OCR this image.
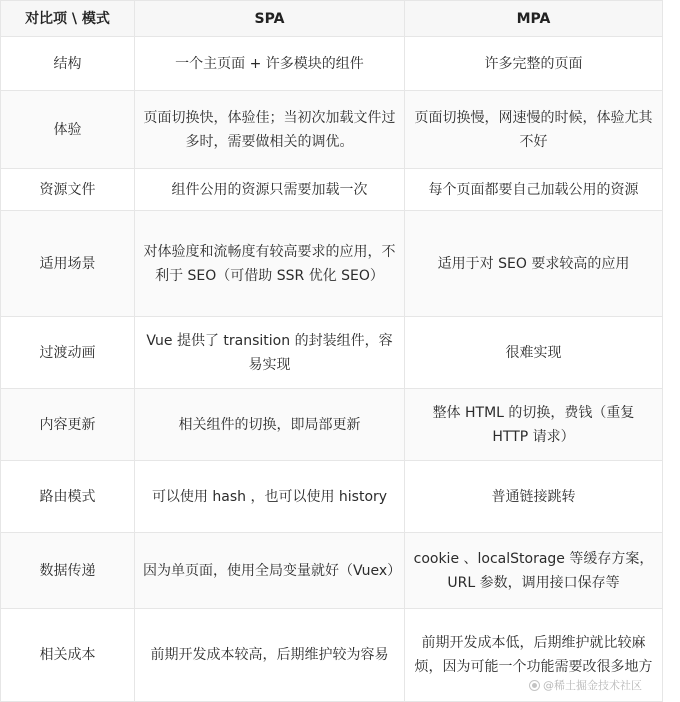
对比项 \ 模式	SPA	MPA
结构	一个主页面 + 许多模块的组件	许多完整的页面
体验	页面切换快，体验佳；当初次加载文件过多时，需要做相关的调优。	页面切换慢，网速慢的时候，体验尤其不好
资源文件	组件公用的资源只需要加载一次	每个页面都要自己加载公用的资源
适用场景	对体验度和流畅度有较高要求的应用，不利于 SEO（可借助 SSR 优化 SEO）	适用于对 SEO 要求较高的应用
过渡动画	Vue 提供了 transition 的封装组件，容易实现	很难实现
内容更新	相关组件的切换，即局部更新	整体 HTML 的切换，费钱（重复 HTTP 请求）
路由模式	可以使用 hash ，也可以使用 history	普通链接跳转
数据传递	因为单页面，使用全局变量就好（Vuex）	cookie 、localStorage 等缓存方案，URL 参数，调用接口保存等
相关成本	前期开发成本较高，后期维护较为容易	前期开发成本低，后期维护就比较麻烦，因为可能一个功能需要改很多地方
@稀土掘金技术社区
